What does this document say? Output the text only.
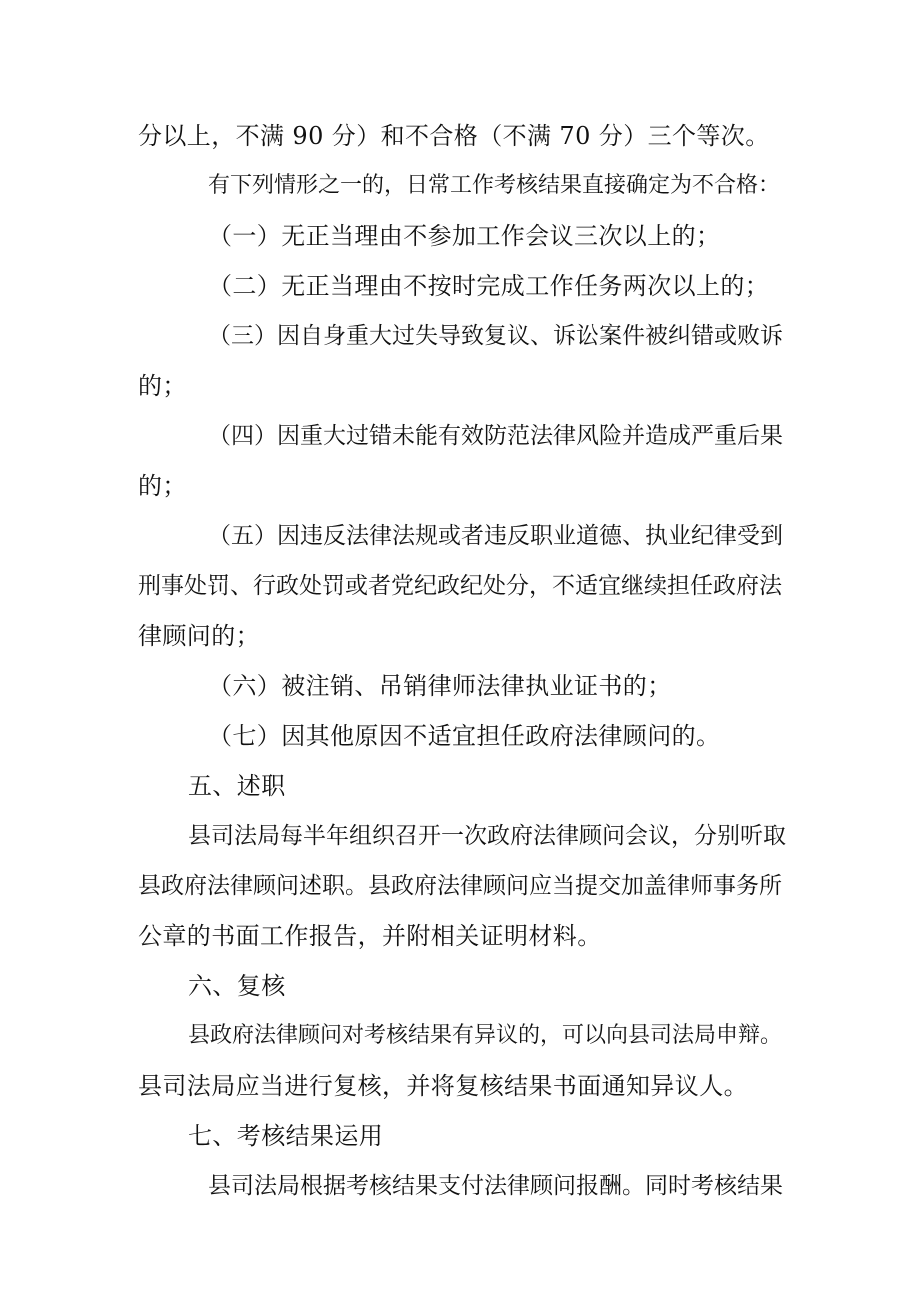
分以上，不满 90 分）和不合格（不满 70 分）三个等次。
有下列情形之一的，日常工作考核结果直接确定为不合格：
（一）无正当理由不参加工作会议三次以上的；
（二）无正当理由不按时完成工作任务两次以上的；
（三）因自身重大过失导致复议、诉讼案件被纠错或败诉
的；
（四）因重大过错未能有效防范法律风险并造成严重后果
的；
（五）因违反法律法规或者违反职业道德、执业纪律受到
刑事处罚、行政处罚或者党纪政纪处分，不适宜继续担任政府法
律顾问的；
（六）被注销、吊销律师法律执业证书的；
（七）因其他原因不适宜担任政府法律顾问的。
五、述职
县司法局每半年组织召开一次政府法律顾问会议，分别听取
县政府法律顾问述职。县政府法律顾问应当提交加盖律师事务所
公章的书面工作报告，并附相关证明材料。
六、复核
县政府法律顾问对考核结果有异议的，可以向县司法局申辩。
县司法局应当进行复核，并将复核结果书面通知异议人。
七、考核结果运用
县司法局根据考核结果支付法律顾问报酬。同时考核结果
